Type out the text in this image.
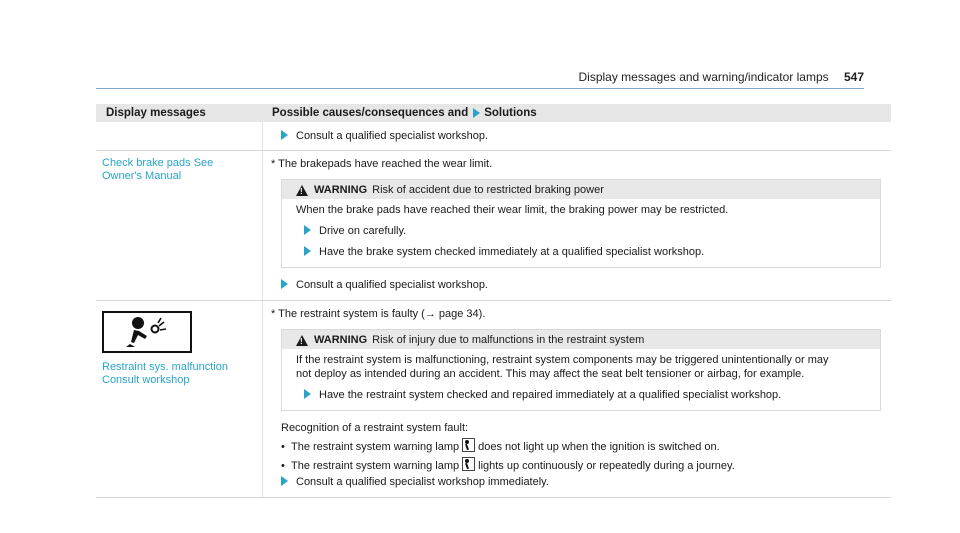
Display messages and warning/indicator lamps 547
Display messages	Possible causes/consequences and Solutions
Consult a qualified specialist workshop.
Check brake pads See
Owner's Manual
* The brakepads have reached the wear limit.
!
WARNING Risk of accident due to restricted braking power
When the brake pads have reached their wear limit, the braking power may be restricted.
Drive on carefully.
Have the brake system checked immediately at a qualified specialist workshop.
Consult a qualified specialist workshop.
Restraint sys. malfunction
Consult workshop
* The restraint system is faulty (→ page 34).
!
WARNING Risk of injury due to malfunctions in the restraint system
If the restraint system is malfunctioning, restraint system components may be triggered unintentionally or may
not deploy as intended during an accident. This may affect the seat belt tensioner or airbag, for example.
Have the restraint system checked and repaired immediately at a qualified specialist workshop.
Recognition of a restraint system fault:
• The restraint system warning lamp does not light up when the ignition is switched on.
• The restraint system warning lamp lights up continuously or repeatedly during a journey.
Consult a qualified specialist workshop immediately.
